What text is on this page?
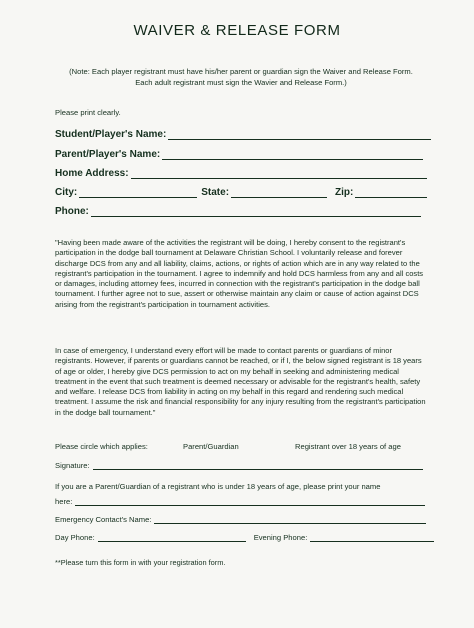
WAIVER & RELEASE FORM
(Note: Each player registrant must have his/her parent or guardian sign the Waiver and Release Form.
Each adult registrant must sign the Wavier and Release Form.)
Please print clearly.
Student/Player's Name:
Parent/Player's Name:
Home Address:
City:	State:	Zip:
Phone:
"Having been made aware of the activities the registrant will be doing, I hereby consent to the registrant's participation in the dodge ball tournament at Delaware Christian School. I voluntarily release and forever discharge DCS from any and all liability, claims, actions, or rights of action which are in any way related to the registrant's participation in the tournament. I agree to indemnify and hold DCS harmless from any and all costs or damages, including attorney fees, incurred in connection with the registrant's participation in the dodge ball tournament. I further agree not to sue, assert or otherwise maintain any claim or cause of action against DCS arising from the registrant's participation in tournament activities.
In case of emergency, I understand every effort will be made to contact parents or guardians of minor registrants. However, if parents or guardians cannot be reached, or if I, the below signed registrant is 18 years of age or older, I hereby give DCS permission to act on my behalf in seeking and administering medical treatment in the event that such treatment is deemed necessary or advisable for the registrant's health, safety and welfare. I release DCS from liability in acting on my behalf in this regard and rendering such medical treatment. I assume the risk and financial responsibility for any injury resulting from the registrant's participation in the dodge ball tournament."
Please circle which applies:	Parent/Guardian	Registrant over 18 years of age
Signature:
If you are a Parent/Guardian of a registrant who is under 18 years of age, please print your name
here:
Emergency Contact's Name:
Day Phone:	Evening Phone:
**Please turn this form in with your registration form.
